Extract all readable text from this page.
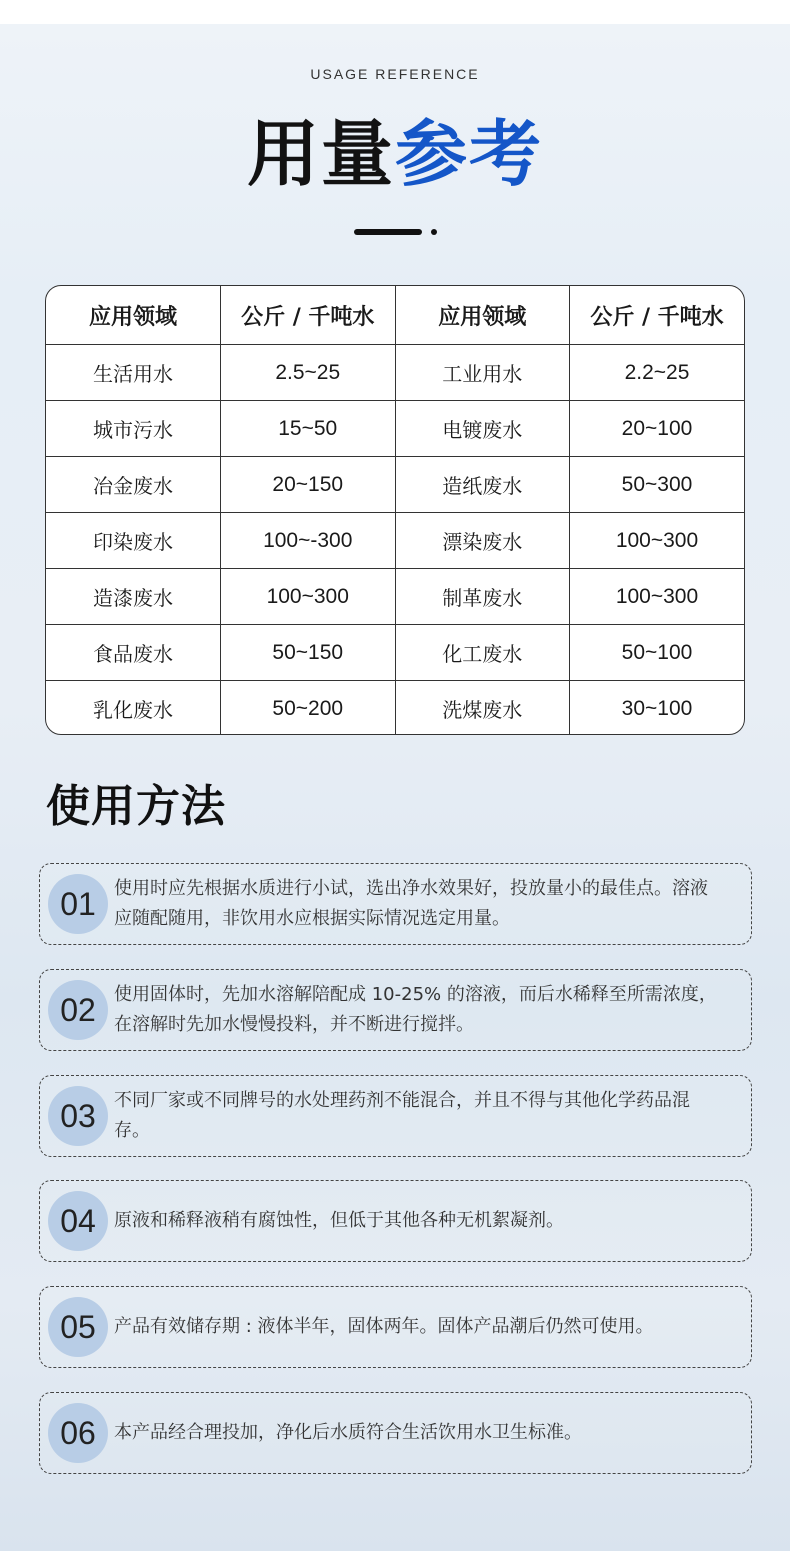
USAGE REFERENCE
用量参考
应用领域	公斤 / 千吨水	应用领域	公斤 / 千吨水
生活用水	2.5~25	工业用水	2.2~25
城市污水	15~50	电镀废水	20~100
冶金废水	20~150	造纸废水	50~300
印染废水	100~-300	漂染废水	100~300
造漆废水	100~300	制革废水	100~300
食品废水	50~150	化工废水	50~100
乳化废水	50~200	洗煤废水	30~100
使用方法
01	使用时应先根据水质进行小试，选出净水效果好，投放量小的最佳点。溶液应随配随用，非饮用水应根据实际情况选定用量。
02	使用固体时，先加水溶解陪配成 10-25% 的溶液，而后水稀释至所需浓度，在溶解时先加水慢慢投料，并不断进行搅拌。
03	不同厂家或不同牌号的水处理药剂不能混合，并且不得与其他化学药品混存。
04	原液和稀释液稍有腐蚀性，但低于其他各种无机絮凝剂。
05	产品有效储存期 : 液体半年，固体两年。固体产品潮后仍然可使用。
06	本产品经合理投加，净化后水质符合生活饮用水卫生标准。
